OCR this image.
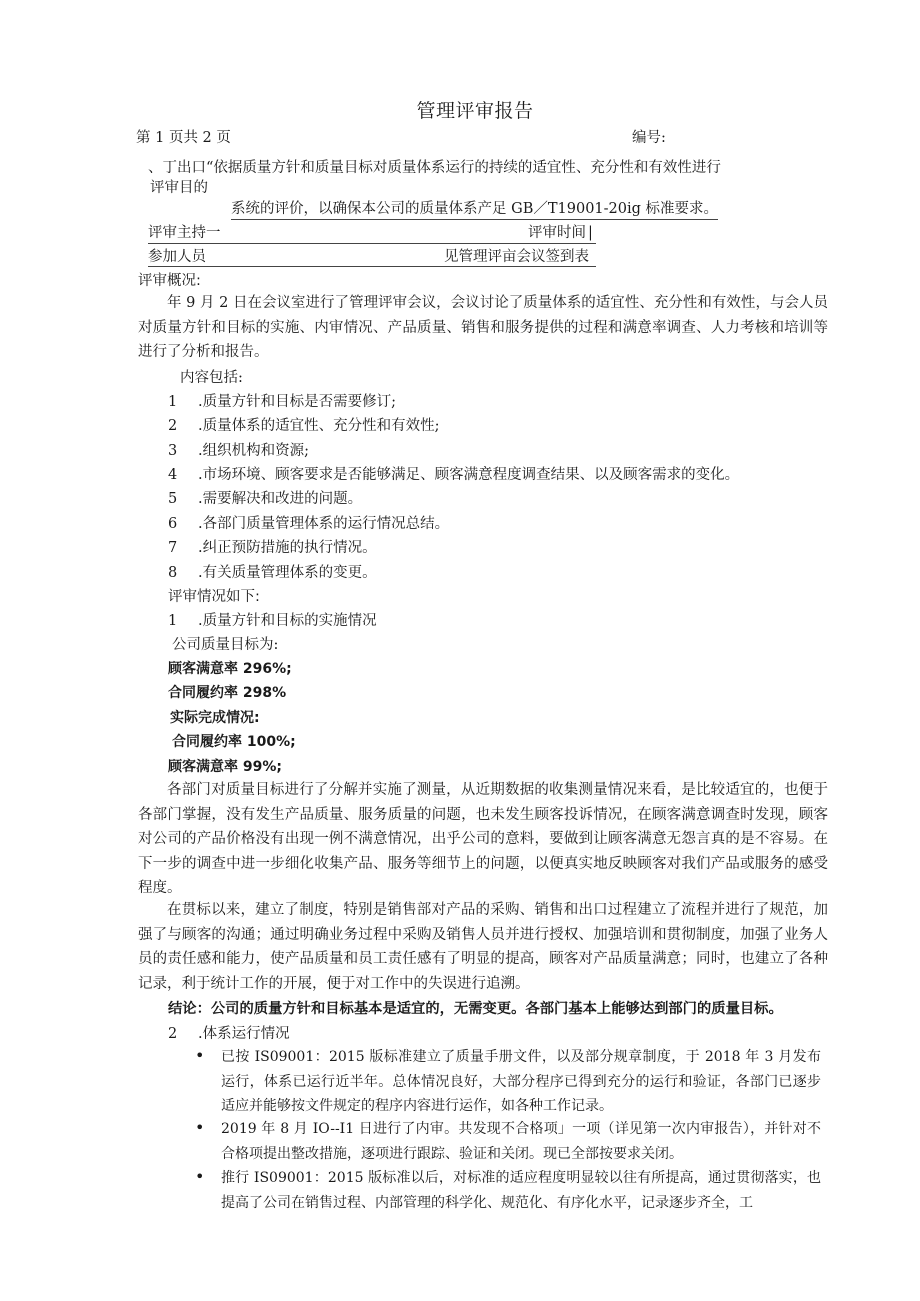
管理评审报告
第 1 页共 2 页	编号:
、丁出口“依据质量方针和质量目标对质量体系运行的持续的适宜性、充分性和有效性进行
评审目的
系统的评价，以确保本公司的质量体系产足 GB／T19001-20ig 标准要求。
评审主持一	评审时间 |
参加人员	见管理评亩会议签到表
评审概况:
年 9 月 2 日在会议室进行了管理评审会议，会议讨论了质量体系的适宜性、充分性和有效性，与会人员对质量方针和目标的实施、内审情况、产品质量、销售和服务提供的过程和满意率调查、人力考核和培训等进行了分析和报告。
内容包括:
1 .质量方针和目标是否需要修订;
2 .质量体系的适宜性、充分性和有效性;
3 .组织机构和资源;
4 .市场环境、顾客要求是否能够满足、顾客满意程度调查结果、以及顾客需求的变化。
5 .需要解决和改进的问题。
6 .各部门质量管理体系的运行情况总结。
7 .纠正预防措施的执行情况。
8 .有关质量管理体系的变更。
评审情况如下:
1 .质量方针和目标的实施情况
公司质量目标为:
顾客满意率 296%;
合同履约率 298%
实际完成情况:
合同履约率 100%;
顾客满意率 99%;
各部门对质量目标进行了分解并实施了测量，从近期数据的收集测量情况来看，是比较适宜的，也便于各部门掌握，没有发生产品质量、服务质量的问题，也未发生顾客投诉情况，在顾客满意调查时发现，顾客对公司的产品价格没有出现一例不满意情况，出乎公司的意料，要做到让顾客满意无怨言真的是不容易。在下一步的调查中进一步细化收集产品、服务等细节上的问题，以便真实地反映顾客对我们产品或服务的感受程度。
在贯标以来，建立了制度，特别是销售部对产品的采购、销售和出口过程建立了流程并进行了规范，加强了与顾客的沟通；通过明确业务过程中采购及销售人员并进行授权、加强培训和贯彻制度，加强了业务人员的责任感和能力，使产品质量和员工责任感有了明显的提高，顾客对产品质量满意；同时，也建立了各种记录，利于统计工作的开展，便于对工作中的失误进行追溯。
结论：公司的质量方针和目标基本是适宜的，无需变更。各部门基本上能够达到部门的质量目标。
2 .体系运行情况
• 已按 IS09001：2015 版标准建立了质量手册文件，以及部分规章制度，于 2018 年 3 月发布运行，体系已运行近半年。总体情况良好，大部分程序已得到充分的运行和验证，各部门已逐步适应并能够按文件规定的程序内容进行运作，如各种工作记录。
• 2019 年 8 月 IO--I1 日进行了内审。共发现不合格项」一项（详见第一次内审报告），并针对不合格项提出整改措施，逐项进行跟踪、验证和关闭。现已全部按要求关闭。
• 推行 IS09001：2015 版标准以后，对标准的适应程度明显较以往有所提高，通过贯彻落实，也提高了公司在销售过程、内部管理的科学化、规范化、有序化水平，记录逐步齐全，工
